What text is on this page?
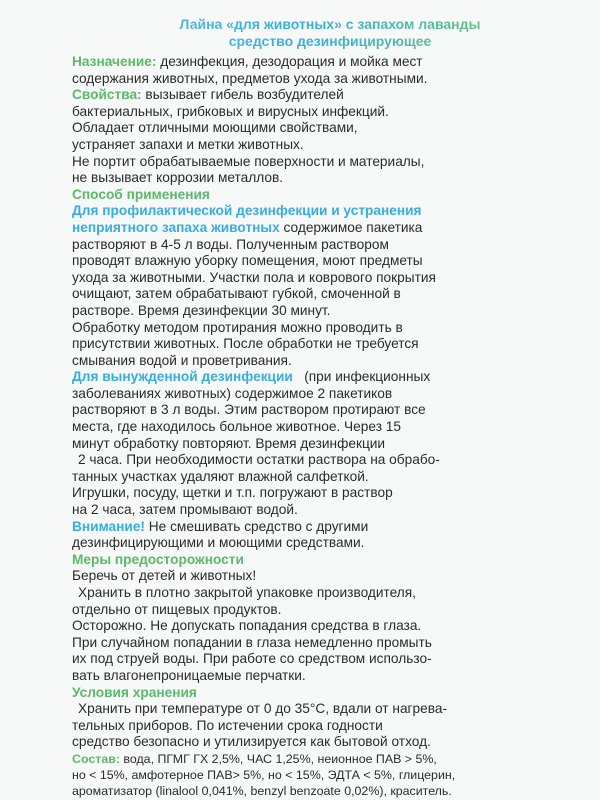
Лайна «для животных» с запахом лаванды

средство дезинфицирующее

Назначение: дезинфекция, дезодорация и мойка мест

содержания животных, предметов ухода за животными.

Свойства: вызывает гибель возбудителей

бактериальных, грибковых и вирусных инфекций.

Обладает отличными моющими свойствами,

устраняет запахи и метки животных.

Не портит обрабатываемые поверхности и материалы,

не вызывает коррозии металлов.

Способ применения

Для профилактической дезинфекции и устранения

неприятного запаха животных содержимое пакетика

растворяют в 4-5 л воды. Полученным раствором

проводят влажную уборку помещения, моют предметы

ухода за животными. Участки пола и коврового покрытия

очищают, затем обрабатывают губкой, смоченной в

растворе. Время дезинфекции 30 минут.

Обработку методом протирания можно проводить в

присутствии животных. После обработки не требуется

смывания водой и проветривания.

Для вынужденной дезинфекции   (при инфекционных

заболеваниях животных) содержимое 2 пакетиков

растворяют в 3 л воды. Этим раствором протирают все

места, где находилось больное животное. Через 15

минут обработку повторяют. Время дезинфекции

2 часа. При необходимости остатки раствора на обрабо-

танных участках удаляют влажной салфеткой.

Игрушки, посуду, щетки и т.п. погружают в раствор

на 2 часа, затем промывают водой.

Внимание! Не смешивать средство с другими

дезинфицирующими и моющими средствами.

Меры предосторожности

Беречь от детей и животных!

Хранить в плотно закрытой упаковке производителя,

отдельно от пищевых продуктов.

Осторожно. Не допускать попадания средства в глаза.

При случайном попадании в глаза немедленно промыть

их под струей воды. При работе со средством использо-

вать влагонепроницаемые перчатки.

Условия хранения

Хранить при температуре от 0 до 35°С, вдали от нагрева-

тельных приборов. По истечении срока годности

средство безопасно и утилизируется как бытовой отход.

Состав: вода, ПГМГ ГХ 2,5%, ЧАС 1,25%, неионное ПАВ > 5%,

но < 15%, амфотерное ПАВ> 5%, но < 15%, ЭДТА < 5%, глицерин,

ароматизатор (linalool 0,041%, benzyl benzoate 0,02%), краситель.
